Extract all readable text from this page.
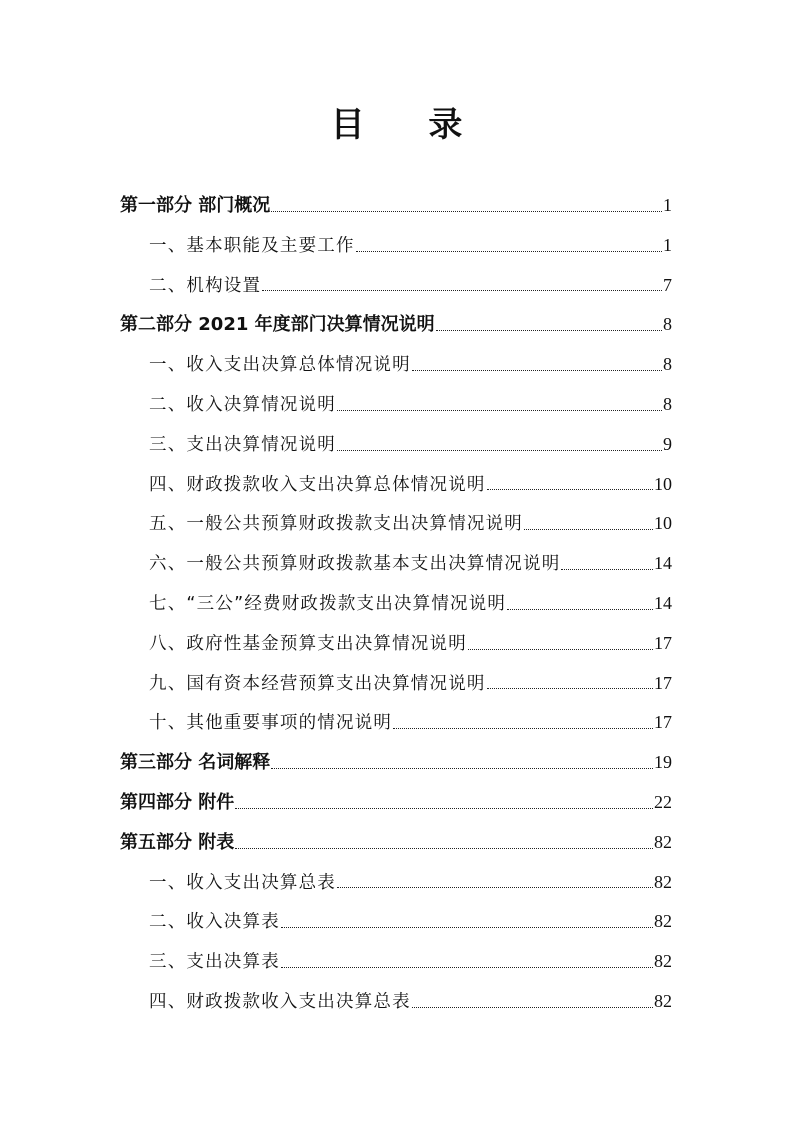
目 录
第一部分 部门概况	1
一、基本职能及主要工作	1
二、机构设置	7
第二部分 2021 年度部门决算情况说明	8
一、收入支出决算总体情况说明	8
二、收入决算情况说明	8
三、支出决算情况说明	9
四、财政拨款收入支出决算总体情况说明	10
五、一般公共预算财政拨款支出决算情况说明	10
六、一般公共预算财政拨款基本支出决算情况说明	14
七、“三公”经费财政拨款支出决算情况说明	14
八、政府性基金预算支出决算情况说明	17
九、国有资本经营预算支出决算情况说明	17
十、其他重要事项的情况说明	17
第三部分 名词解释	19
第四部分 附件	22
第五部分 附表	82
一、收入支出决算总表	82
二、收入决算表	82
三、支出决算表	82
四、财政拨款收入支出决算总表	82
